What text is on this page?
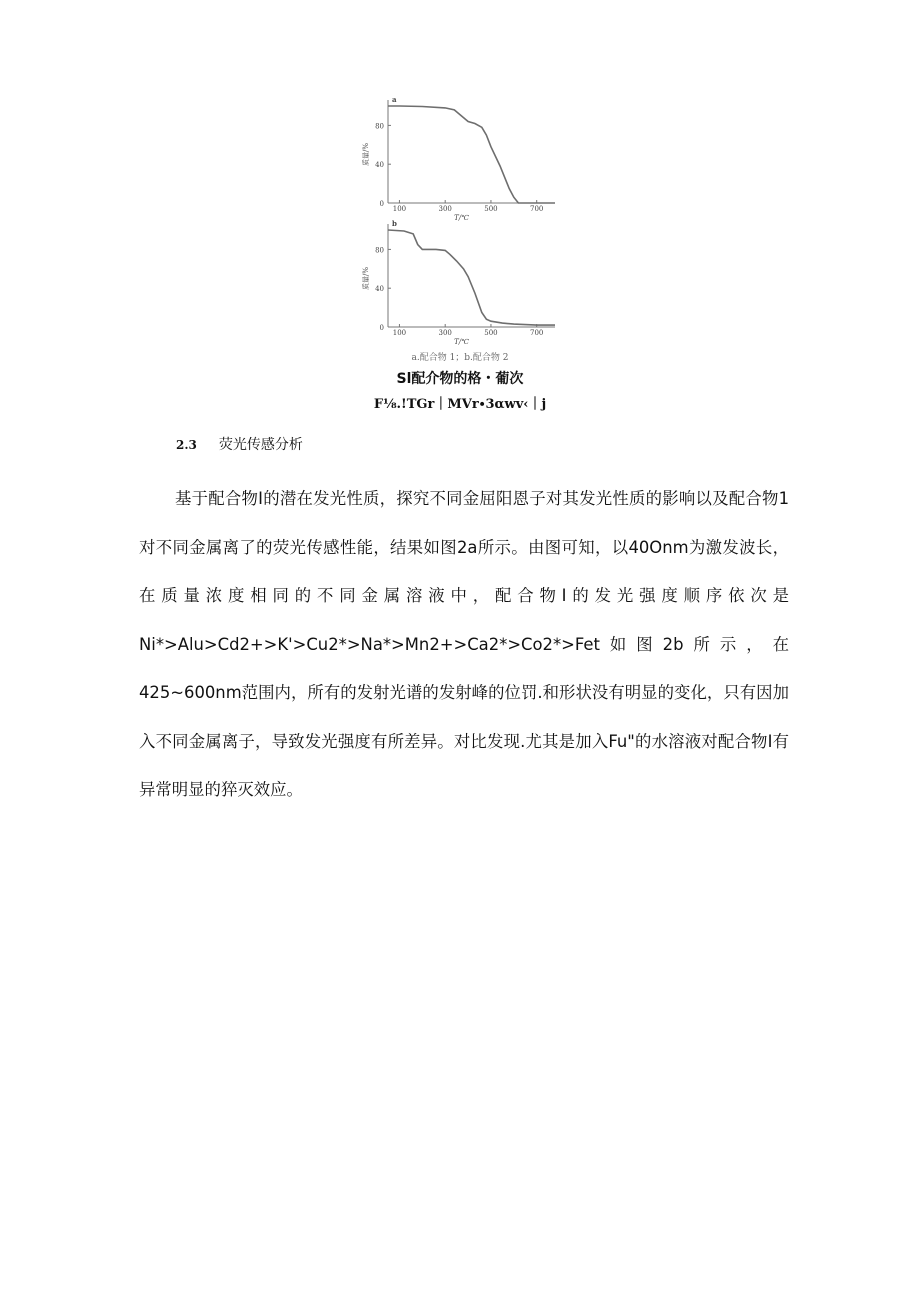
0
40
80
100	300	500	700
T/℃
质量/%
a
0
40
80
100	300	500	700
T/℃
质量/%
b
a.配合物 1；b.配合物 2
Sl配介物的格・葡次
F⅛.!TGr｜MVr∙3αwv‹｜j
2.3 荧光传感分析

基于配合物I的潜在发光性质，探究不同金屈阳恩子对其发光性质的影响以及配合物1对不同金属离了的荧光传感性能，结果如图2a所示。由图可知，以40Onm为激发波长，在质量浓度相同的不同金属溶液中，配合物I的发光强度顺序依次是Ni*>Alu>Cd2+>K'>Cu2*>Na*>Mn2+>Ca2*>Co2*>Fet如图2b所示，在425~600nm范围内，所有的发射光谱的发射峰的位罚.和形状没有明显的变化，只有因加入不同金属离子，导致发光强度有所差异。对比发现.尤其是加入Fu"的水溶液对配合物I有异常明显的猝灭效应。
